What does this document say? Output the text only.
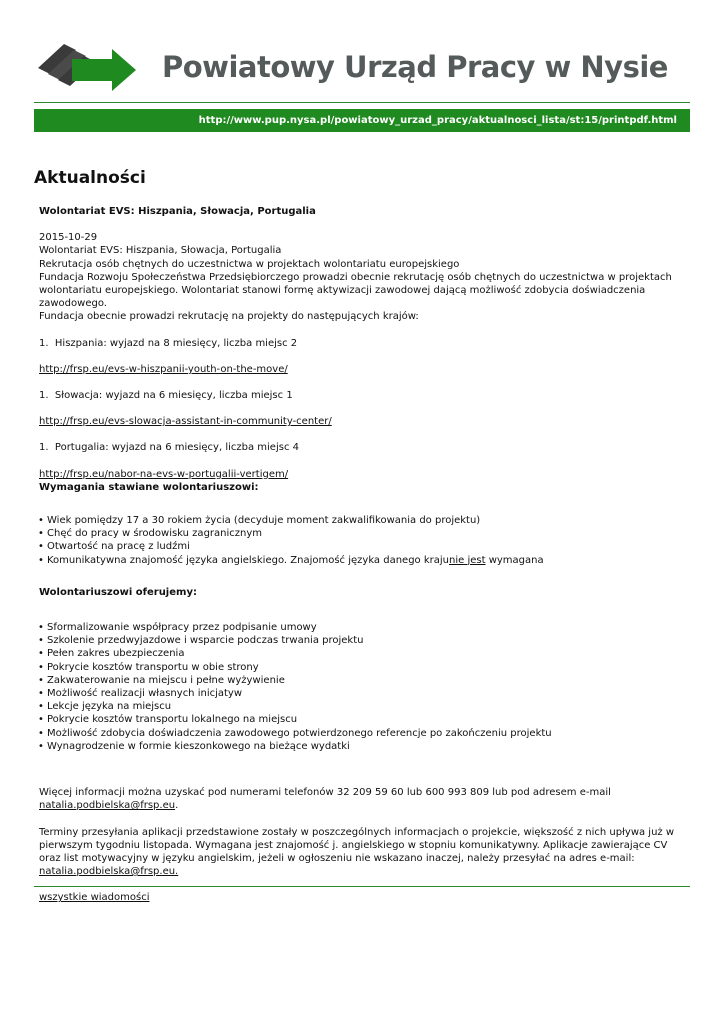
Powiatowy Urząd Pracy w Nysie
http://www.pup.nysa.pl/powiatowy_urzad_pracy/aktualnosci_lista/st:15/printpdf.html
Aktualności

Wolontariat EVS: Hiszpania, Słowacja, Portugalia

2015-10-29

Wolontariat EVS: Hiszpania, Słowacja, Portugalia

Rekrutacja osób chętnych do uczestnictwa w projektach wolontariatu europejskiego

Fundacja Rozwoju Społeczeństwa Przedsiębiorczego prowadzi obecnie rekrutację osób chętnych do uczestnictwa w projektach wolontariatu europejskiego. Wolontariat stanowi formę aktywizacji zawodowej dającą możliwość zdobycia doświadczenia zawodowego.

Fundacja obecnie prowadzi rekrutację na projekty do następujących krajów:

1. Hiszpania: wyjazd na 8 miesięcy, liczba miejsc 2

http://frsp.eu/evs-w-hiszpanii-youth-on-the-move/

1. Słowacja: wyjazd na 6 miesięcy, liczba miejsc 1

http://frsp.eu/evs-slowacja-assistant-in-community-center/

1. Portugalia: wyjazd na 6 miesięcy, liczba miejsc 4

http://frsp.eu/nabor-na-evs-w-portugalii-vertigem/

Wymagania stawiane wolontariuszowi:

• Wiek pomiędzy 17 a 30 rokiem życia (decyduje moment zakwalifikowania do projektu)
• Chęć do pracy w środowisku zagranicznym
• Otwartość na pracę z ludźmi
• Komunikatywna znajomość języka angielskiego. Znajomość języka danego krajunie jest wymagana

Wolontariuszowi oferujemy:

• Sformalizowanie współpracy przez podpisanie umowy
• Szkolenie przedwyjazdowe i wsparcie podczas trwania projektu
• Pełen zakres ubezpieczenia
• Pokrycie kosztów transportu w obie strony
• Zakwaterowanie na miejscu i pełne wyżywienie
• Możliwość realizacji własnych inicjatyw
• Lekcje języka na miejscu
• Pokrycie kosztów transportu lokalnego na miejscu
• Możliwość zdobycia doświadczenia zawodowego potwierdzonego referencje po zakończeniu projektu
• Wynagrodzenie w formie kieszonkowego na bieżące wydatki

Więcej informacji można uzyskać pod numerami telefonów 32 209 59 60 lub 600 993 809 lub pod adresem e-mail natalia.podbielska@frsp.eu.

Terminy przesyłania aplikacji przedstawione zostały w poszczególnych informacjach o projekcie, większość z nich upływa już w pierwszym tygodniu listopada. Wymagana jest znajomość j. angielskiego w stopniu komunikatywny. Aplikacje zawierające CV oraz list motywacyjny w języku angielskim, jeżeli w ogłoszeniu nie wskazano inaczej, należy przesyłać na adres e-mail: natalia.podbielska@frsp.eu.

wszystkie wiadomości
